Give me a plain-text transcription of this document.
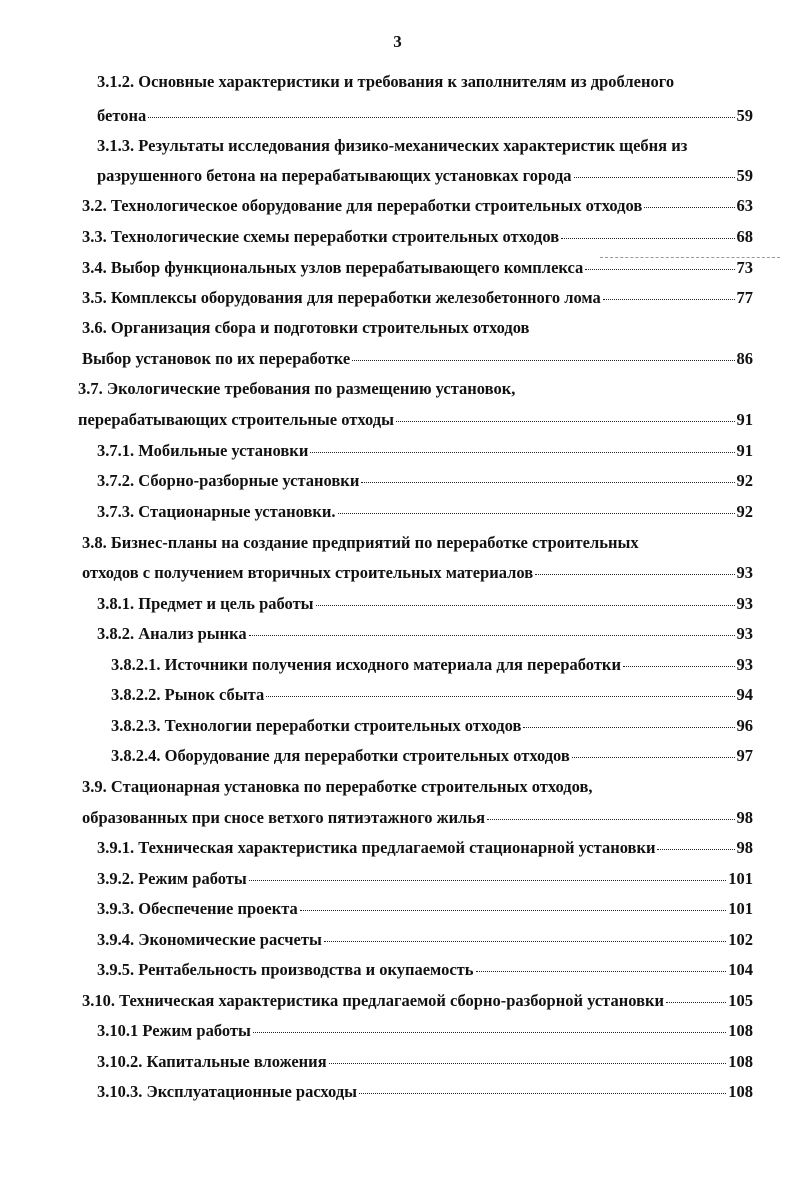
3
3.1.2. Основные характеристики и требования к заполнителям из дробленого
бетона	59
3.1.3. Результаты исследования физико-механических характеристик щебня из
разрушенного бетона на перерабатывающих установках города	59
3.2. Технологическое оборудование для переработки строительных отходов	63
3.3. Технологические схемы переработки строительных отходов	68
3.4. Выбор функциональных узлов перерабатывающего комплекса	73
3.5. Комплексы оборудования для переработки железобетонного лома	77
3.6. Организация сбора и подготовки строительных отходов
Выбор установок по их переработке	86
3.7. Экологические требования по размещению установок,
перерабатывающих строительные отходы	91
3.7.1. Мобильные установки	91
3.7.2. Сборно-разборные установки	92
3.7.3. Стационарные установки.	92
3.8. Бизнес-планы на создание предприятий по переработке строительных
отходов с получением вторичных строительных материалов	93
3.8.1. Предмет и цель работы	93
3.8.2. Анализ рынка	93
3.8.2.1. Источники получения исходного материала для переработки	93
3.8.2.2. Рынок сбыта	94
3.8.2.3. Технологии переработки строительных отходов	96
3.8.2.4. Оборудование для переработки строительных отходов	97
3.9. Стационарная установка по переработке строительных отходов,
образованных при сносе ветхого пятиэтажного жилья	98
3.9.1. Техническая характеристика предлагаемой стационарной установки	98
3.9.2. Режим работы	101
3.9.3. Обеспечение проекта	101
3.9.4. Экономические расчеты	102
3.9.5. Рентабельность производства и окупаемость	104
3.10. Техническая характеристика предлагаемой сборно-разборной установки	105
3.10.1 Режим работы	108
3.10.2. Капитальные вложения	108
3.10.3. Эксплуатационные расходы	108
